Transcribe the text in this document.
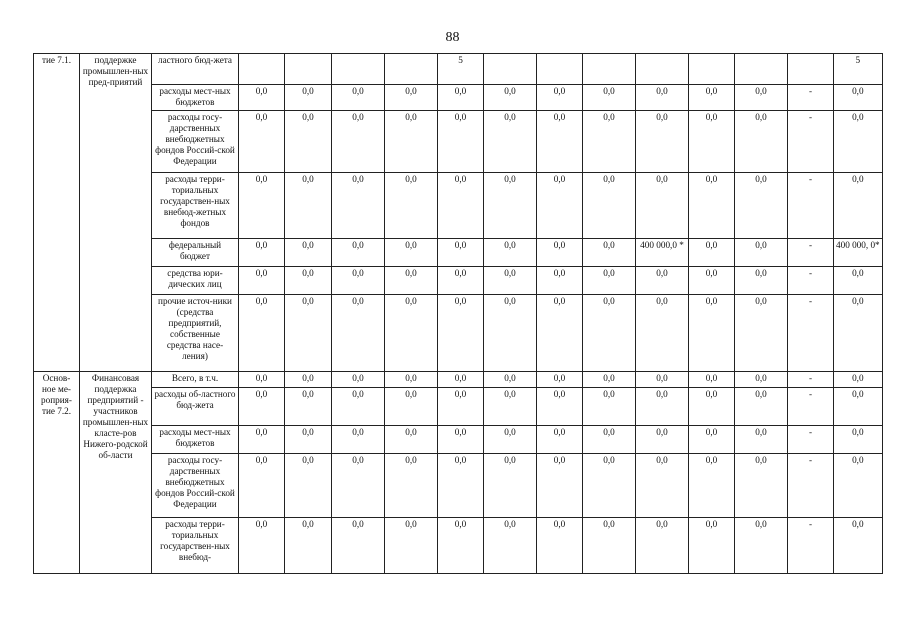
88
тие 7.1.	поддержке промышлен-ных пред-приятий	ластного бюд-жета					5								5
		расходы мест-ных бюджетов	0,0	0,0	0,0	0,0	0,0	0,0	0,0	0,0	0,0	0,0	0,0	-	0,0
		расходы госу-дарственных внебюджетных фондов Россий-ской Федерации	0,0	0,0	0,0	0,0	0,0	0,0	0,0	0,0	0,0	0,0	0,0	-	0,0
		расходы терри-ториальных государствен-ных внебюд-жетных фондов	0,0	0,0	0,0	0,0	0,0	0,0	0,0	0,0	0,0	0,0	0,0	-	0,0
		федеральный бюджет	0,0	0,0	0,0	0,0	0,0	0,0	0,0	0,0	400 000,0 *	0,0	0,0	-	400 000, 0*
		средства юри-дических лиц	0,0	0,0	0,0	0,0	0,0	0,0	0,0	0,0	0,0	0,0	0,0	-	0,0
		прочие источ-ники (средства предприятий, собственные средства насе-ления)	0,0	0,0	0,0	0,0	0,0	0,0	0,0	0,0	0,0	0,0	0,0	-	0,0
Основ-ное ме-роприя-тие 7.2.	Финансовая поддержка предприятий - участников промышлен-ных класте-ров Нижего-родской об-ласти	Всего, в т.ч.	0,0	0,0	0,0	0,0	0,0	0,0	0,0	0,0	0,0	0,0	0,0	-	0,0
		расходы об-ластного бюд-жета	0,0	0,0	0,0	0,0	0,0	0,0	0,0	0,0	0,0	0,0	0,0	-	0,0
		расходы мест-ных бюджетов	0,0	0,0	0,0	0,0	0,0	0,0	0,0	0,0	0,0	0,0	0,0	-	0,0
		расходы госу-дарственных внебюджетных фондов Россий-ской Федерации	0,0	0,0	0,0	0,0	0,0	0,0	0,0	0,0	0,0	0,0	0,0	-	0,0
		расходы терри-ториальных государствен-ных внебюд-	0,0	0,0	0,0	0,0	0,0	0,0	0,0	0,0	0,0	0,0	0,0	-	0,0
